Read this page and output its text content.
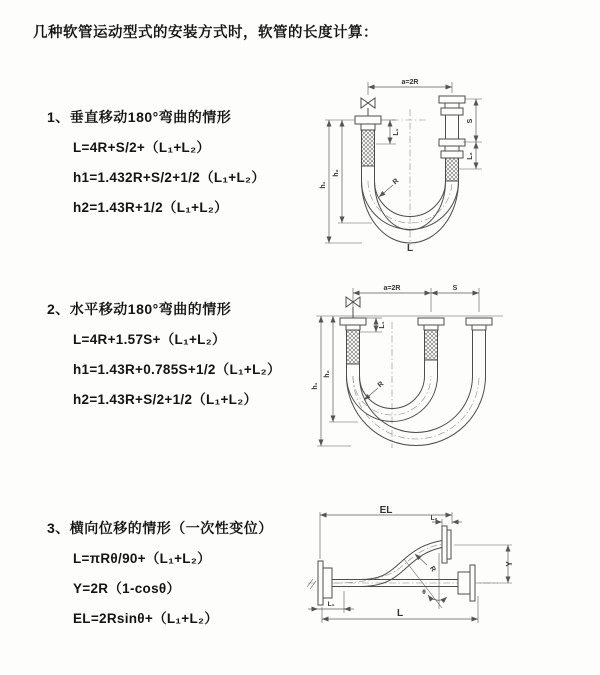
几种软管运动型式的安装方式时，软管的长度计算：
1、垂直移动180°弯曲的情形
L=4R+S/2+（L₁+L₂）
h1=1.432R+S/2+1/2（L₁+L₂）
h2=1.43R+1/2（L₁+L₂）
a=2R
h₁
h₂
L₁
S
L₂
R
L
2、水平移动180°弯曲的情形
L=4R+1.57S+（L₁+L₂）
h1=1.43R+0.785S+1/2（L₁+L₂）
h2=1.43R+S/2+1/2（L₁+L₂）
a=2R	S
h₁
h₂
L₁
R
3、横向位移的情形（一次性变位）
L=πRθ/90+（L₁+L₂）
Y=2R（1-cosθ）
EL=2Rsinθ+（L₁+L₂）
EL
L₂
Y
θ
R
L
L₁
